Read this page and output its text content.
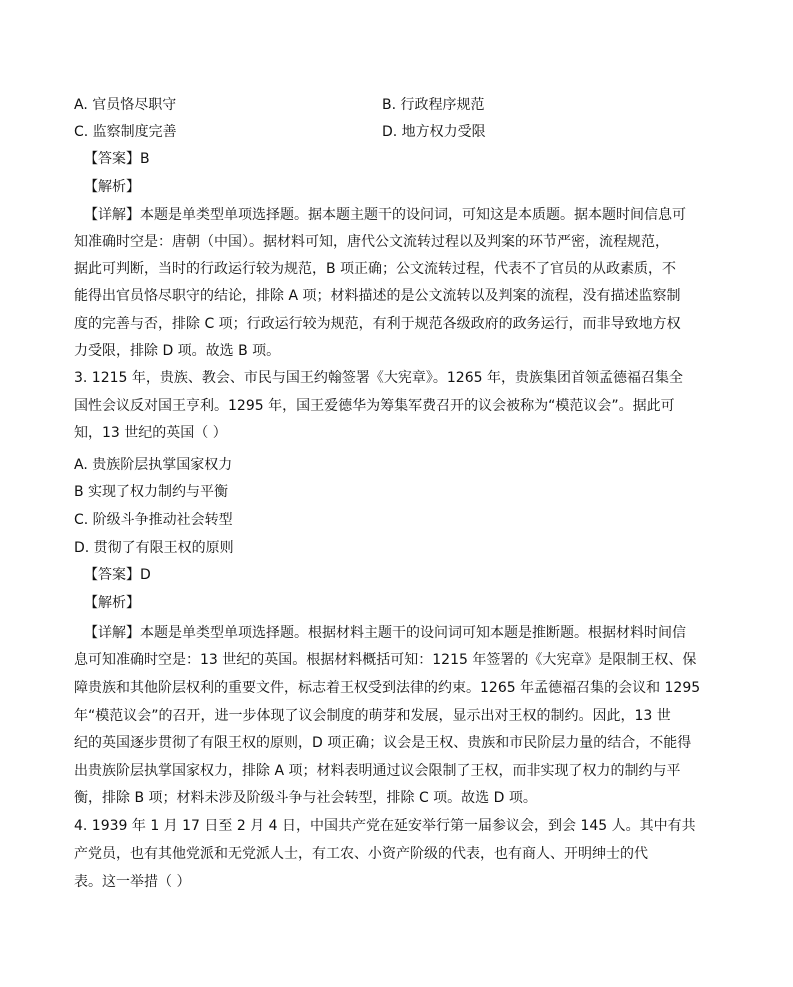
A. 官员恪尽职守	B. 行政程序规范
C. 监察制度完善	D. 地方权力受限
【答案】B
【解析】
【详解】本题是单类型单项选择题。据本题主题干的设问词，可知这是本质题。据本题时间信息可
知准确时空是：唐朝（中国）。据材料可知，唐代公文流转过程以及判案的环节严密，流程规范，
据此可判断，当时的行政运行较为规范，B 项正确；公文流转过程，代表不了官员的从政素质，不
能得出官员恪尽职守的结论，排除 A 项；材料描述的是公文流转以及判案的流程，没有描述监察制
度的完善与否，排除 C 项；行政运行较为规范，有利于规范各级政府的政务运行，而非导致地方权
力受限，排除 D 项。故选 B 项。
3. 1215 年，贵族、教会、市民与国王约翰签署《大宪章》。1265 年，贵族集团首领孟德福召集全
国性会议反对国王亨利。1295 年，国王爱德华为筹集军费召开的议会被称为“模范议会”。据此可
知，13 世纪的英国（ ）
A. 贵族阶层执掌国家权力
B 实现了权力制约与平衡
C. 阶级斗争推动社会转型
D. 贯彻了有限王权的原则
【答案】D
【解析】
【详解】本题是单类型单项选择题。根据材料主题干的设问词可知本题是推断题。根据材料时间信
息可知准确时空是：13 世纪的英国。根据材料概括可知：1215 年签署的《大宪章》是限制王权、保
障贵族和其他阶层权利的重要文件，标志着王权受到法律的约束。1265 年孟德福召集的会议和 1295
年“模范议会”的召开，进一步体现了议会制度的萌芽和发展，显示出对王权的制约。因此，13 世
纪的英国逐步贯彻了有限王权的原则，D 项正确；议会是王权、贵族和市民阶层力量的结合，不能得
出贵族阶层执掌国家权力，排除 A 项；材料表明通过议会限制了王权，而非实现了权力的制约与平
衡，排除 B 项；材料未涉及阶级斗争与社会转型，排除 C 项。故选 D 项。
4. 1939 年 1 月 17 日至 2 月 4 日，中国共产党在延安举行第一届参议会，到会 145 人。其中有共
产党员，也有其他党派和无党派人士，有工农、小资产阶级的代表，也有商人、开明绅士的代
表。这一举措（ ）
